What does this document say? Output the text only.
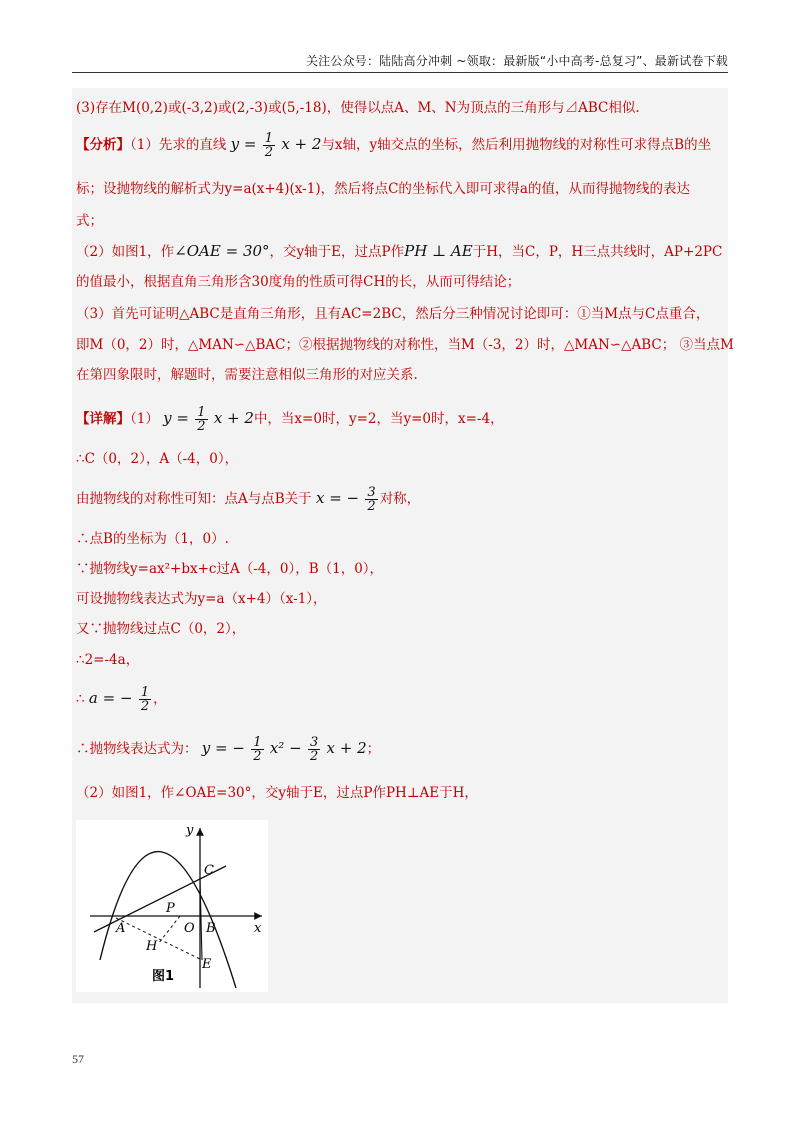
关注公众号：陆陆高分冲刺 ~领取：最新版“小中高考-总复习”、最新试卷下载
(3)存在M(0,2)或(-3,2)或(2,-3)或(5,-18)，使得以点A、M、N为顶点的三角形与⊿ABC相似.
【分析】（1）先求的直线 $y = \frac{1}{2}$ x + 2与x轴，y轴交点的坐标，然后利用抛物线的对称性可求得点B的坐
标；设抛物线的解析式为y=a(x+4)(x-1)，然后将点C的坐标代入即可求得a的值，从而得抛物线的表达
式；
（2）如图1，作∠OAE = 30°，交y轴于E，过点P作PH ⊥ AE于H，当C，P，H三点共线时，AP+2PC
的值最小，根据直角三角形含30度角的性质可得CH的长，从而可得结论；
（3）首先可证明△ABC是直角三角形，且有AC=2BC，然后分三种情况讨论即可：①当M点与C点重合，
即M（0，2）时，△MAN∽△BAC；②根据抛物线的对称性，当M（-3，2）时，△MAN∽△ABC； ③当点M
在第四象限时，解题时，需要注意相似三角形的对应关系.
【详解】（1） $y = \frac{1}{2}$ x + 2中，当x=0时，y=2，当y=0时，x=-4，
∴C（0，2），A（-4，0），
由抛物线的对称性可知：点A与点B关于 x = − $\frac{3}{2}$ 对称，
∴点B的坐标为（1，0）.
∵抛物线y=ax²+bx+c过A（-4，0），B（1，0），
可设抛物线表达式为y=a（x+4）（x-1），
又∵抛物线过点C（0，2），
∴2=-4a，
∴ a = − $\frac{1}{2}$ ，
∴抛物线表达式为： y = − $\frac{1}{2} x^2 - \frac{3}{2}$ x + 2；
（2）如图1，作∠OAE=30°，交y轴于E，过点P作PH⊥AE于H，
y
x
C
P
A	O B
H
E
图1
57
